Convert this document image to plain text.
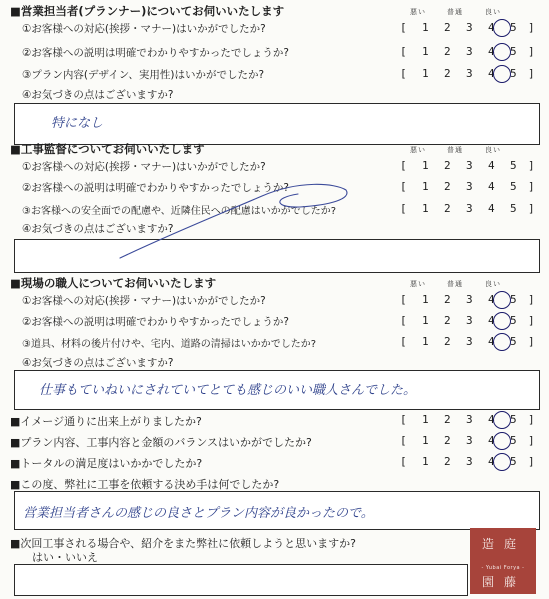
■営業担当者(プランナー)についてお伺いいたします	悪い	普通	良い
①お客様への対応(挨拶・マナー)はいかがでしたか?	[ 1 2 3 4 5 ]
②お客様への説明は明確でわかりやすかったでしょうか?	[ 1 2 3 4 5 ]
③プラン内容(デザイン、実用性)はいかがでしたか?	[ 1 2 3 4 5 ]
④お気づきの点はございますか?
特になし
■工事監督についてお伺いいたします	悪い	普通	良い
①お客様への対応(挨拶・マナー)はいかがでしたか?	[ 1 2 3 4 5 ]
②お客様への説明は明確でわかりやすかったでしょうか?	[ 1 2 3 4 5 ]
③お客様への安全面での配慮や、近隣住民への配慮はいかがでしたか?	[ 1 2 3 4 5 ]
④お気づきの点はございますか?
■現場の職人についてお伺いいたします	悪い	普通	良い
①お客様への対応(挨拶・マナー)はいかがでしたか?	[ 1 2 3 4 5 ]
②お客様への説明は明確でわかりやすかったでしょうか?	[ 1 2 3 4 5 ]
③道具、材料の後片付けや、宅内、道路の清掃はいかかでしたか?	[ 1 2 3 4 5 ]
④お気づきの点はございますか?
仕事もていねいにされていてとても感じのいい職人さんでした。
■イメージ通りに出来上がりましたか?	[ 1 2 3 4 5 ]
■プラン内容、工事内容と金額のバランスはいかがでしたか?	[ 1 2 3 4 5 ]
■トータルの満足度はいかかでしたか?	[ 1 2 3 4 5 ]
■この度、弊社に工事を依頼する決め手は何でしたか?
営業担当者さんの感じの良さとプラン内容が良かったので。
■次回工事される場合や、紹介をまた弊社に依頼しようと思いますか?
はい・いいえ
造 庭
- Yubai Forya -
園 藤
